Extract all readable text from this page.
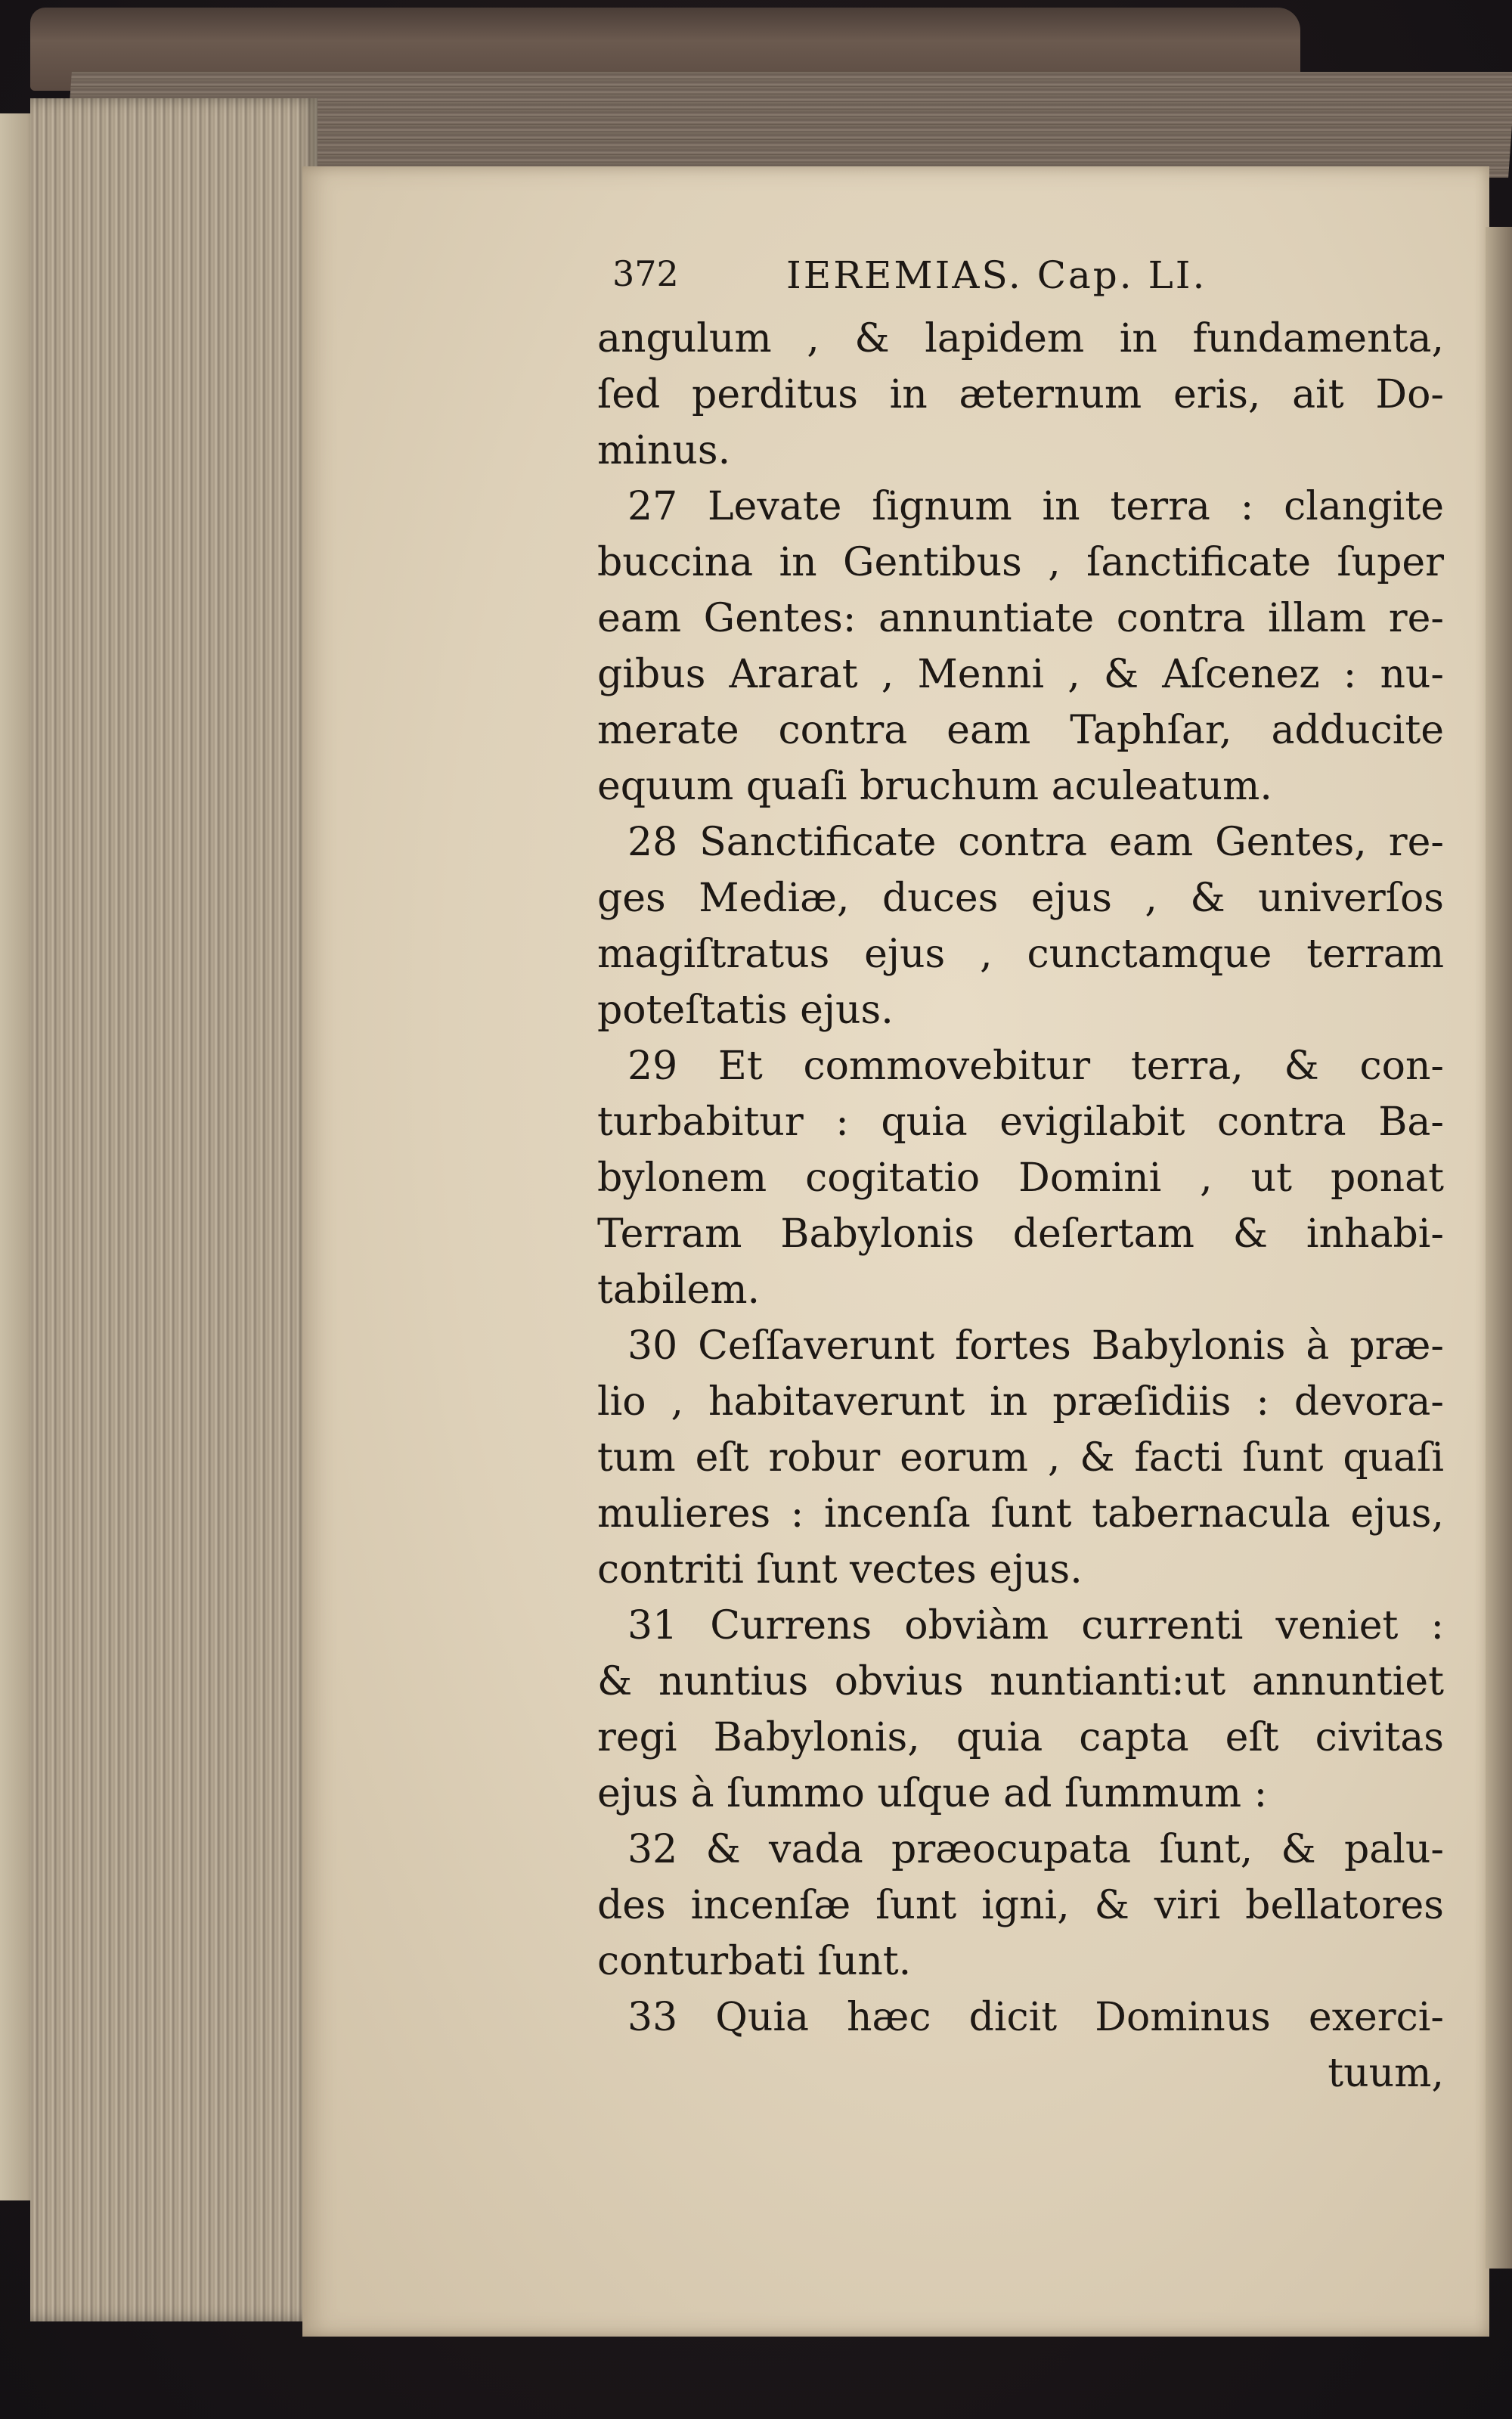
372	IEREMIAS. Cap. LI.
angulum , & lapidem in fundamenta,
ſed perditus in æternum eris, ait Do-
minus.
27 Levate ſignum in terra : clangite
buccina in Gentibus , ſanctificate ſuper
eam Gentes: annuntiate contra illam re-
gibus Ararat , Menni , & Aſcenez : nu-
merate contra eam Taphſar, adducite
equum quaſi bruchum aculeatum.
28 Sanctificate contra eam Gentes, re-
ges Mediæ, duces ejus , & univerſos
magiſtratus ejus , cunctamque terram
poteſtatis ejus.
29 Et commovebitur terra, & con-
turbabitur : quia evigilabit contra Ba-
bylonem cogitatio Domini , ut ponat
Terram Babylonis deſertam & inhabi-
tabilem.
30 Ceſſaverunt fortes Babylonis à præ-
lio , habitaverunt in præſidiis : devora-
tum eſt robur eorum , & facti ſunt quaſi
mulieres : incenſa ſunt tabernacula ejus,
contriti ſunt vectes ejus.
31 Currens obviàm currenti veniet :
& nuntius obvius nuntianti:ut annuntiet
regi Babylonis, quia capta eſt civitas
ejus à ſummo uſque ad ſummum :
32 & vada præocupata ſunt, & palu-
des incenſæ ſunt igni, & viri bellatores
conturbati ſunt.
33 Quia hæc dicit Dominus exerci-
tuum,
